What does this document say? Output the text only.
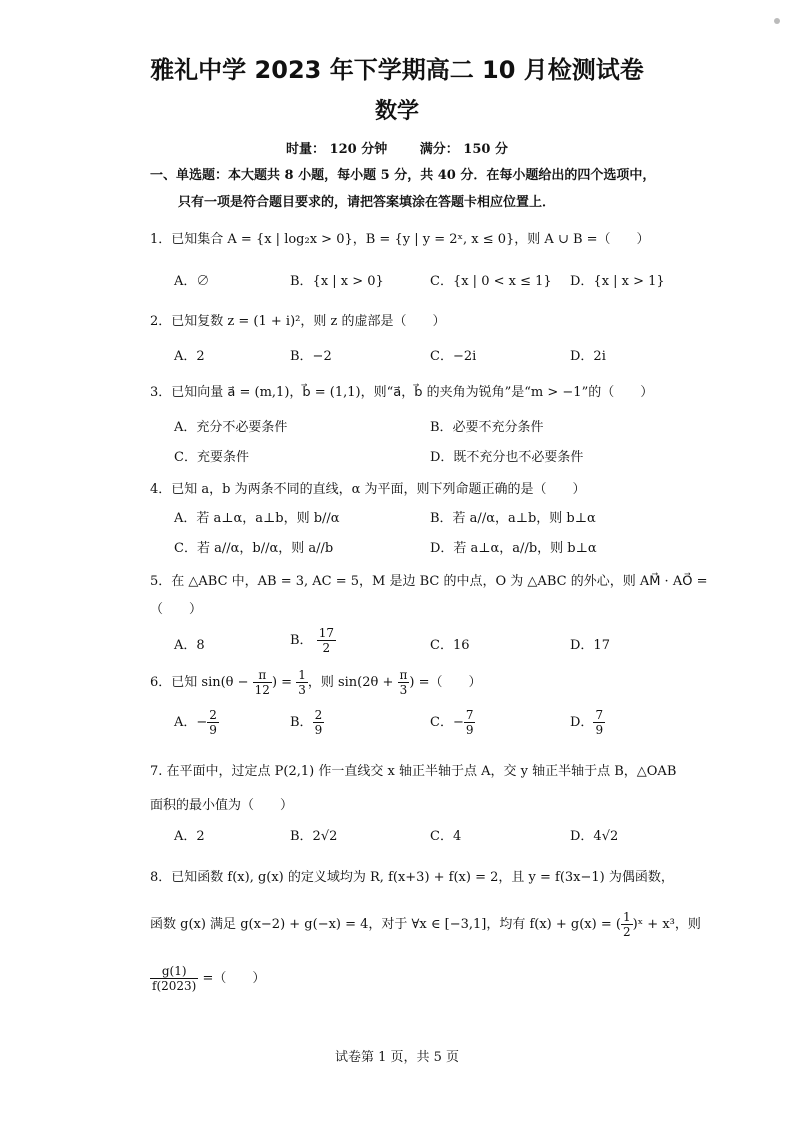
雅礼中学 2023 年下学期高二 10 月检测试卷
数学
时量： 120 分钟	满分： 150 分
一、单选题：本大题共 8 小题，每小题 5 分，共 40 分．在每小题给出的四个选项中，
只有一项是符合题目要求的，请把答案填涂在答题卡相应位置上．
1．已知集合 A = {x | log₂x > 0}，B = {y | y = 2ˣ, x ≤ 0}，则 A ∪ B =（　　）
A．∅	B．{x | x > 0}	C．{x | 0 < x ≤ 1} D．{x | x > 1}
2．已知复数 z = (1 + i)²，则 z 的虚部是（　　）
A．2	B．−2	C．−2i	D．2i
3．已知向量 a⃗ = (m,1)，b⃗ = (1,1)，则“a⃗，b⃗ 的夹角为锐角”是“m > −1”的（　　）
A．充分不必要条件	B．必要不充分条件
C．充要条件	D．既不充分也不必要条件
4．已知 a，b 为两条不同的直线，α 为平面，则下列命题正确的是（　　）
A．若 a⊥α，a⊥b，则 b//α	B．若 a//α，a⊥b，则 b⊥α
C．若 a//α，b//α，则 a//b	D．若 a⊥α，a//b，则 b⊥α
5．在 △ABC 中，AB = 3, AC = 5，M 是边 BC 的中点，O 为 △ABC 的外心，则 AM⃗ · AO⃗ =
（　　）
A．8	B． $\frac{17}{2}$	C．16	D．17
6．已知 $\sin(\theta - \frac{\pi}{12}$ ) = $\frac{1}{3}$ ，则 $\sin(2\theta + \frac{\pi}{3}$ ) =（　　）
A．− $\frac{2}{9}$	B． $\frac{2}{9}$	C．− $\frac{7}{9}$	D． $\frac{7}{9}$
7. 在平面中，过定点 P(2,1) 作一直线交 x 轴正半轴于点 A，交 y 轴正半轴于点 B，△OAB
面积的最小值为（　　）
A．2	B．2√2	C．4	D．4√2
8．已知函数 f(x), g(x) 的定义域均为 R, f(x+3) + f(x) = 2，且 y = f(3x−1) 为偶函数，
函数 g(x) 满足 g(x−2) + g(−x) = 4，对于 ∀x ∈ [−3,1]，均有 f(x) + g(x) = ( $\frac{1}{2}$ )ˣ + x³，则
$\frac{g(1)}{f(2023)}$ =（　　）
试卷第 1 页，共 5 页
